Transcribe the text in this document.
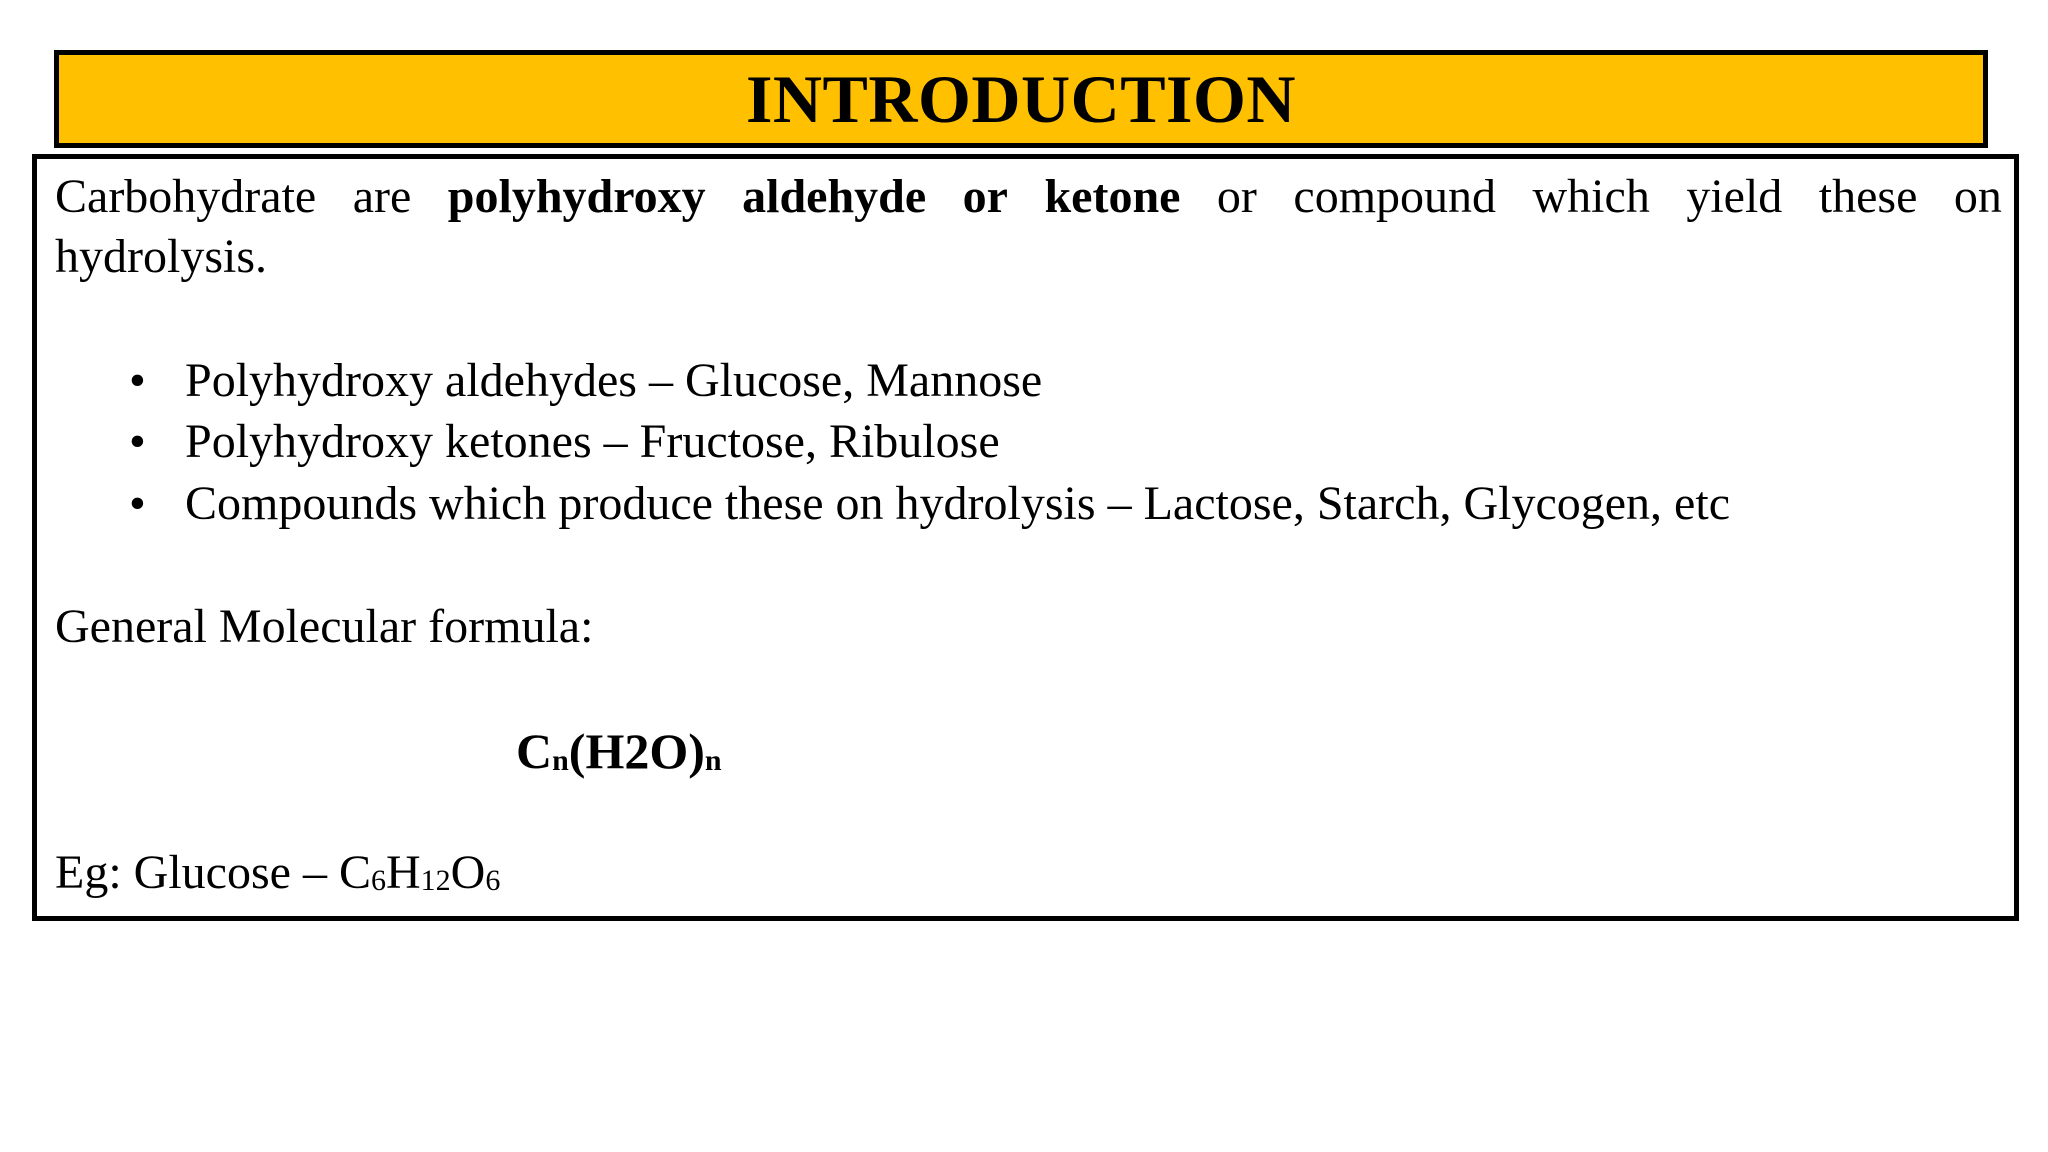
INTRODUCTION
Carbohydrate are polyhydroxy aldehyde or ketone or compound which yield these on
hydrolysis.
• Polyhydroxy aldehydes – Glucose, Mannose
• Polyhydroxy ketones – Fructose, Ribulose
• Compounds which produce these on hydrolysis – Lactose, Starch, Glycogen, etc
General Molecular formula:
Cn(H2O)n
Eg: Glucose – C6H12O6
